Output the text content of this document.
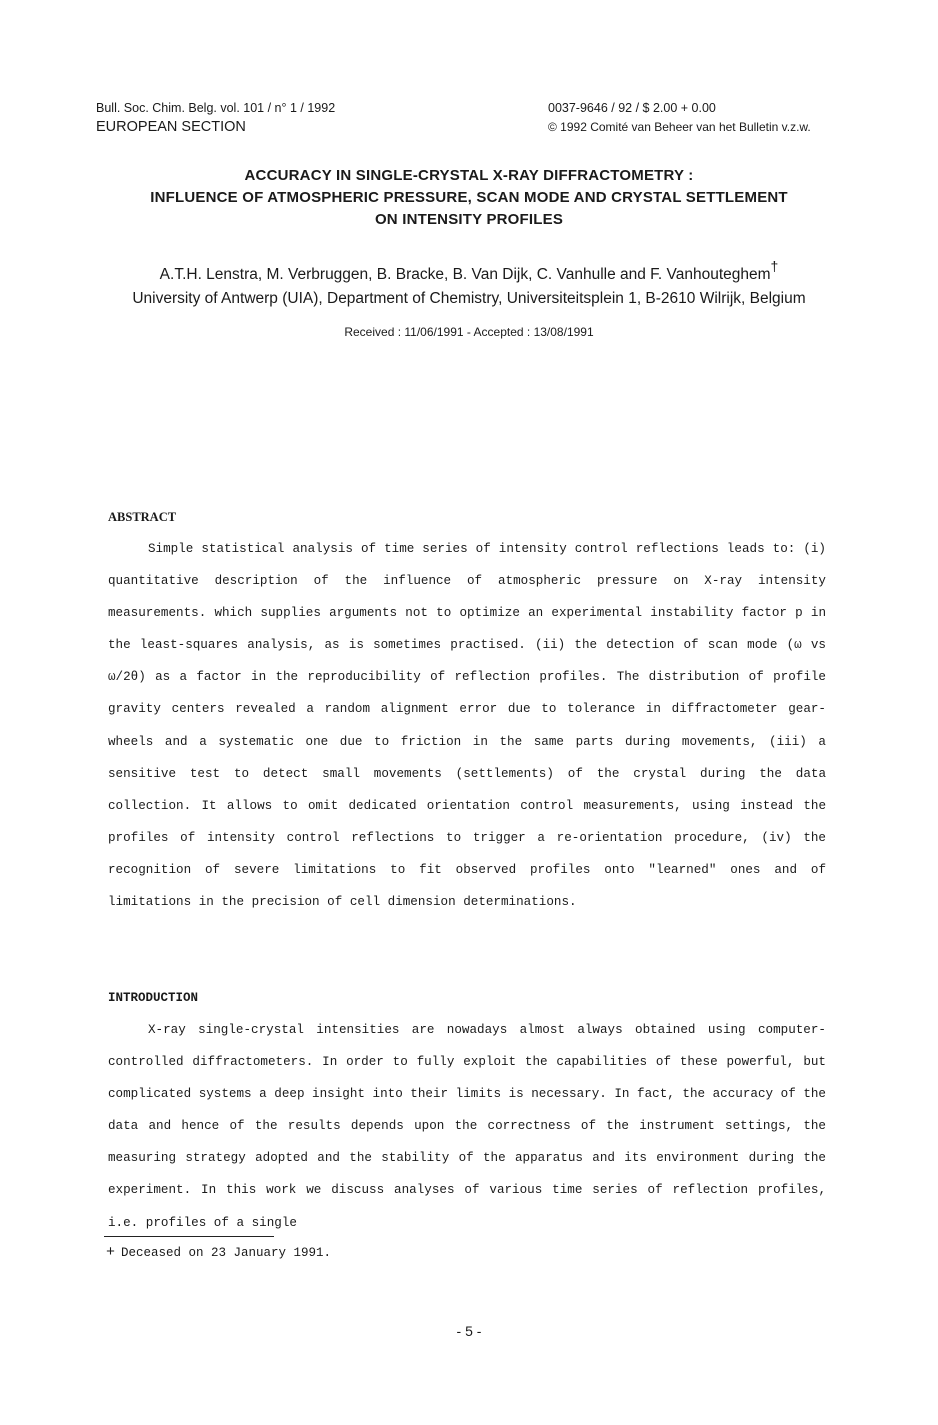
Bull. Soc. Chim. Belg. vol. 101 / n° 1 / 1992
EUROPEAN SECTION
0037-9646 / 92 / $ 2.00 + 0.00
© 1992 Comité van Beheer van het Bulletin v.z.w.
ACCURACY IN SINGLE-CRYSTAL X-RAY DIFFRACTOMETRY :
INFLUENCE OF ATMOSPHERIC PRESSURE, SCAN MODE AND CRYSTAL SETTLEMENT
ON INTENSITY PROFILES
A.T.H. Lenstra, M. Verbruggen, B. Bracke, B. Van Dijk, C. Vanhulle and F. Vanhouteghem†
University of Antwerp (UIA), Department of Chemistry, Universiteitsplein 1, B-2610 Wilrijk, Belgium
Received : 11/06/1991 - Accepted : 13/08/1991
ABSTRACT

Simple statistical analysis of time series of intensity control reflections leads to: (i) quantitative description of the influence of atmospheric pressure on X-ray intensity measurements. which supplies arguments not to optimize an experimental instability factor p in the least-squares analysis, as is sometimes practised. (ii) the detection of scan mode (ω vs ω/2θ) as a factor in the reproducibility of reflection profiles. The distribution of profile gravity centers revealed a random alignment error due to tolerance in diffractometer gear-wheels and a systematic one due to friction in the same parts during movements, (iii) a sensitive test to detect small movements (settlements) of the crystal during the data collection. It allows to omit dedicated orientation control measurements, using instead the profiles of intensity control reflections to trigger a re-orientation procedure, (iv) the recognition of severe limitations to fit observed profiles onto "learned" ones and of limitations in the precision of cell dimension determinations.

INTRODUCTION

X-ray single-crystal intensities are nowadays almost always obtained using computer-controlled diffractometers. In order to fully exploit the capabilities of these powerful, but complicated systems a deep insight into their limits is necessary. In fact, the accuracy of the data and hence of the results depends upon the correctness of the instrument settings, the measuring strategy adopted and the stability of the apparatus and its environment during the experiment. In this work we discuss analyses of various time series of reflection profiles, i.e. profiles of a single

+ Deceased on 23 January 1991.
- 5 -
